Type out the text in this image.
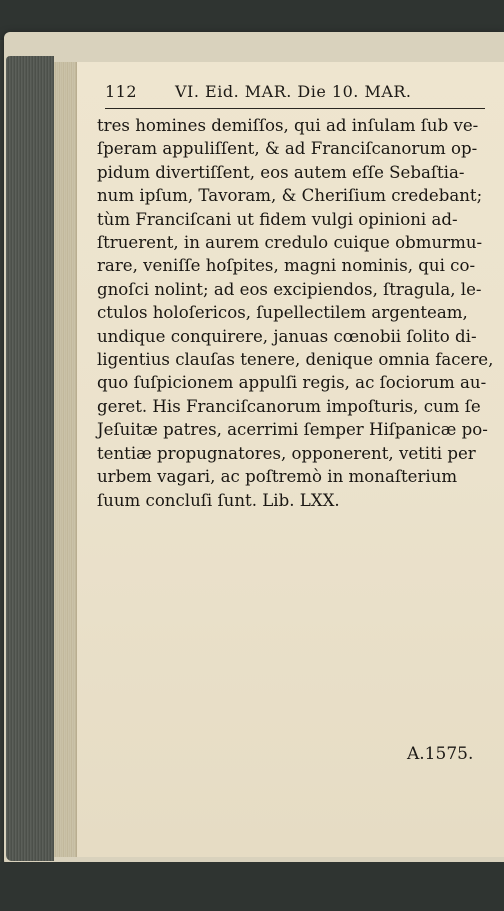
112 VI. Eid. MAR. Die 10. MAR.
tres homines demiſſos, qui ad inſulam ſub ve-
ſperam appuliſſent, & ad Franciſcanorum op-
pidum divertiſſent, eos autem eſſe Sebaſtia-
num ipſum, Tavoram, & Cheriſium credebant;
tùm Franciſcani ut fidem vulgi opinioni ad-
ſtruerent, in aurem credulo cuique obmurmu-
rare, veniſſe hoſpites, magni nominis, qui co-
gnoſci nolint; ad eos excipiendos, ſtragula, le-
ctulos holoſericos, ſupellectilem argenteam,
undique conquirere, januas cœnobii ſolito di-
ligentius clauſas tenere, denique omnia facere,
quo ſuſpicionem appulſi regis, ac ſociorum au-
geret. His Franciſcanorum impoſturis, cum ſe
Jeſuitæ patres, acerrimi ſemper Hiſpanicæ po-
tentiæ propugnatores, opponerent, vetiti per
urbem vagari, ac poſtremò in monaſterium
ſuum concluſi ſunt. Lib. LXX.
A.1575.
